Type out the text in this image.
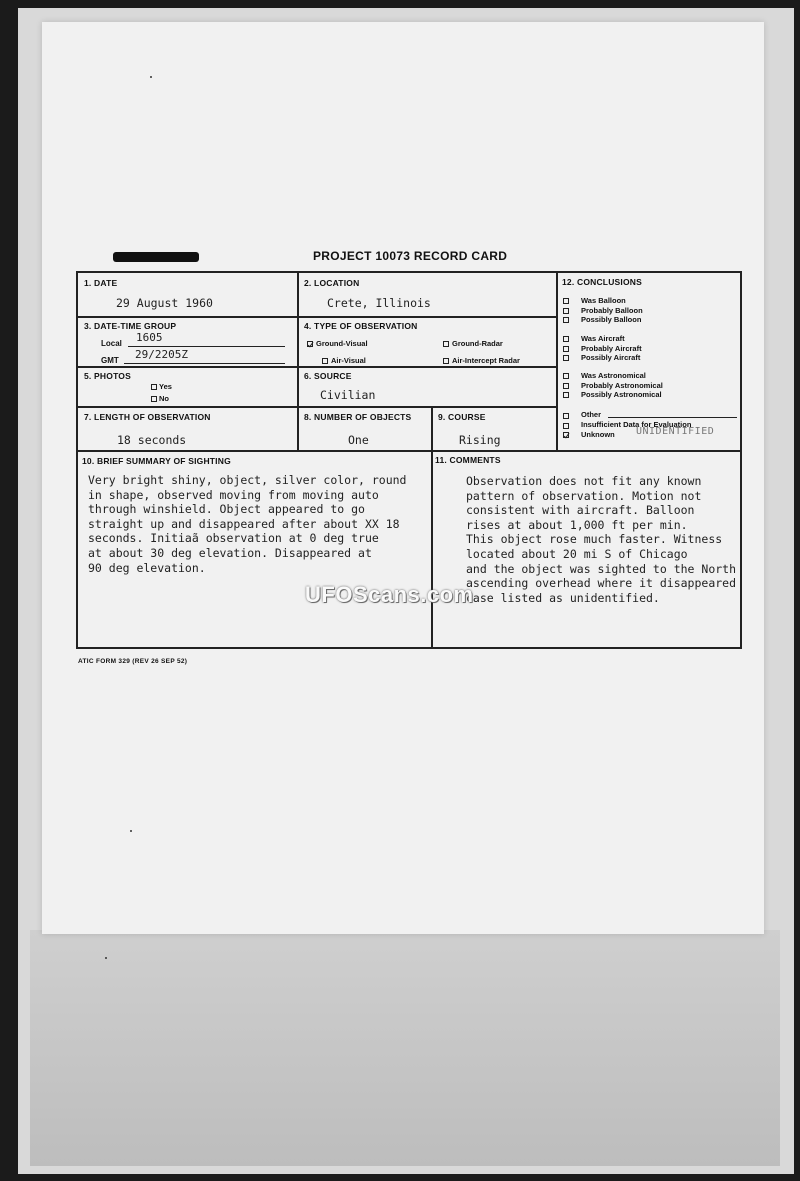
PROJECT 10073 RECORD CARD
1. DATE
29 August 1960
2. LOCATION
Crete, Illinois
3. DATE-TIME GROUP
Local 1605
GMT 29/2205Z
4. TYPE OF OBSERVATION
5. PHOTOS
Yes
No
6. SOURCE
Civilian
7. LENGTH OF OBSERVATION
18 seconds
8. NUMBER OF OBJECTS
One
9. COURSE
Rising
12. CONCLUSIONS
Other
Insufficient Data for Evaluation
Unknown UNIDENTIFIED
10. BRIEF SUMMARY OF SIGHTING
Very bright shiny, object, silver color, round
in shape, observed moving from moving auto
through winshield. Object appeared to go
straight up and disappeared after about XX 18
seconds. Initiaã observation at 0 deg true
at about 30 deg elevation. Disappeared at
90 deg elevation.
11. COMMENTS
Observation does not fit any known
pattern of observation. Motion not
consistent with aircraft. Balloon
rises at about 1,000 ft per min.
This object rose much faster. Witness
located about 20 mi S of Chicago
and the object was sighted to the North
ascending overhead where it disappeared
case listed as unidentified.
ATIC FORM 329 (REV 26 SEP 52)
UFOScans.com
Ground-Visual	Ground-Radar
Air-Visual	Air-Intercept Radar
Was Balloon
Probably Balloon
Possibly Balloon
Was Aircraft
Probably Aircraft
Possibly Aircraft
Was Astronomical
Probably Astronomical
Possibly Astronomical
